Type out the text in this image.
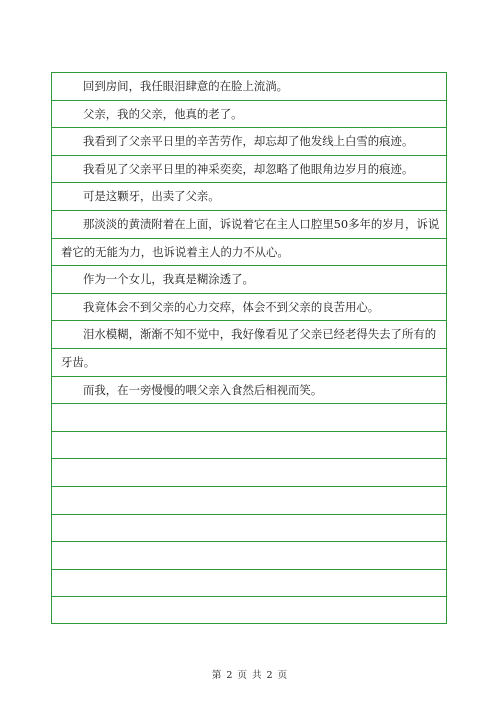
回到房间，我任眼泪肆意的在脸上流淌。
父亲，我的父亲，他真的老了。
我看到了父亲平日里的辛苦劳作，却忘却了他发线上白雪的痕迹。
我看见了父亲平日里的神采奕奕，却忽略了他眼角边岁月的痕迹。
可是这颗牙，出卖了父亲。
那淡淡的黄渍附着在上面，诉说着它在主人口腔里50多年的岁月，诉说
着它的无能为力，也诉说着主人的力不从心。
作为一个女儿，我真是糊涂透了。
我竟体会不到父亲的心力交瘁，体会不到父亲的良苦用心。
泪水模糊，渐渐不知不觉中，我好像看见了父亲已经老得失去了所有的
牙齿。
而我，在一旁慢慢的喂父亲入食然后相视而笑。
第 2 页 共 2 页
